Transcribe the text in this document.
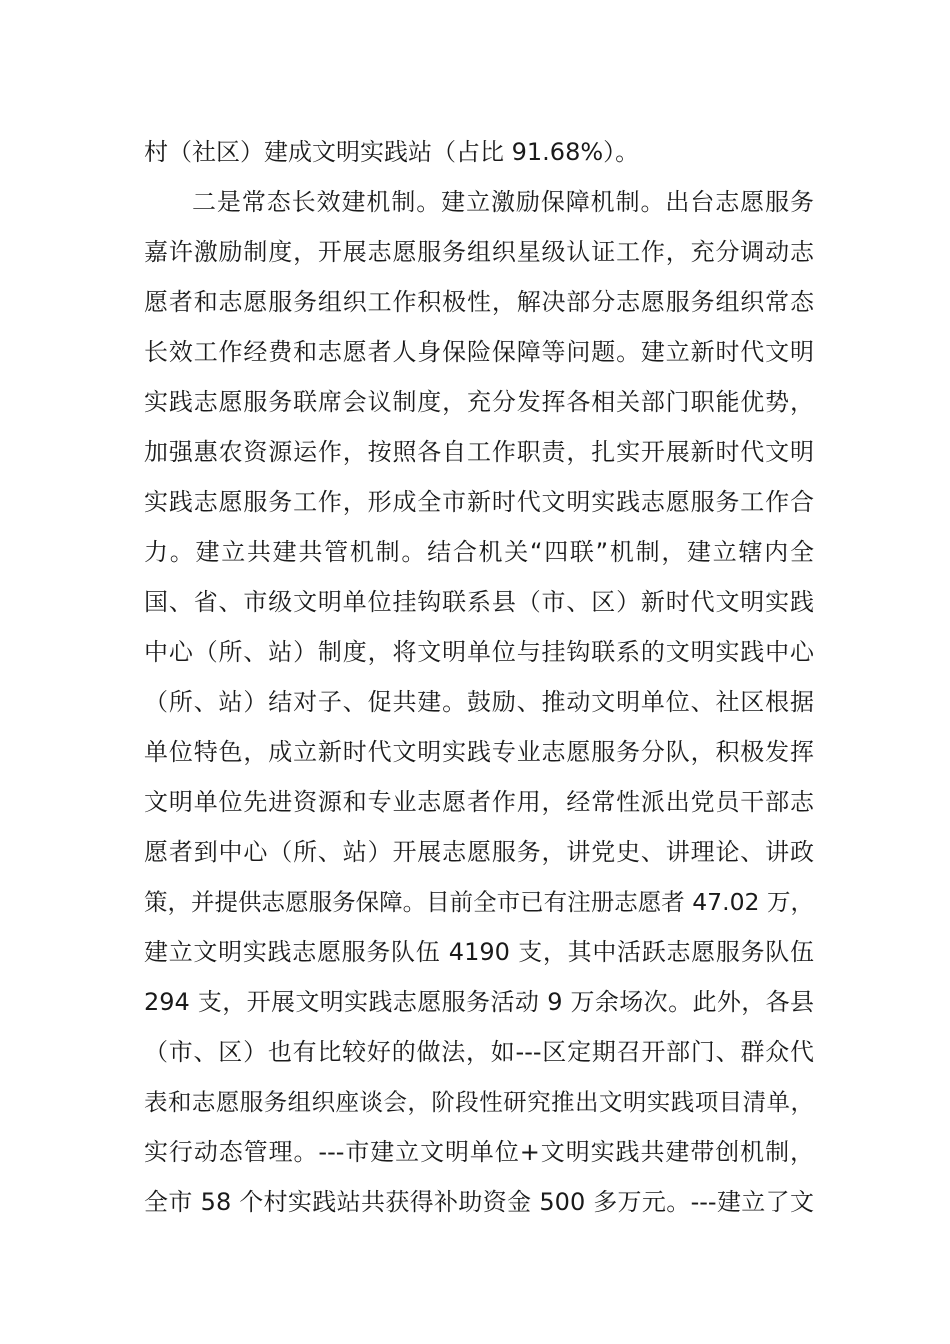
村（社区）建成文明实践站（占比 91.68%）。
二是常态长效建机制。建立激励保障机制。出台志愿服务
嘉许激励制度，开展志愿服务组织星级认证工作，充分调动志
愿者和志愿服务组织工作积极性，解决部分志愿服务组织常态
长效工作经费和志愿者人身保险保障等问题。建立新时代文明
实践志愿服务联席会议制度，充分发挥各相关部门职能优势，
加强惠农资源运作，按照各自工作职责，扎实开展新时代文明
实践志愿服务工作，形成全市新时代文明实践志愿服务工作合
力。建立共建共管机制。结合机关“四联”机制，建立辖内全
国、省、市级文明单位挂钩联系县（市、区）新时代文明实践
中心（所、站）制度，将文明单位与挂钩联系的文明实践中心
（所、站）结对子、促共建。鼓励、推动文明单位、社区根据
单位特色，成立新时代文明实践专业志愿服务分队，积极发挥
文明单位先进资源和专业志愿者作用，经常性派出党员干部志
愿者到中心（所、站）开展志愿服务，讲党史、讲理论、讲政
策，并提供志愿服务保障。目前全市已有注册志愿者 47.02 万，
建立文明实践志愿服务队伍 4190 支，其中活跃志愿服务队伍
294 支，开展文明实践志愿服务活动 9 万余场次。此外，各县
（市、区）也有比较好的做法，如---区定期召开部门、群众代
表和志愿服务组织座谈会，阶段性研究推出文明实践项目清单，
实行动态管理。---市建立文明单位+文明实践共建带创机制，
全市 58 个村实践站共获得补助资金 500 多万元。---建立了文
